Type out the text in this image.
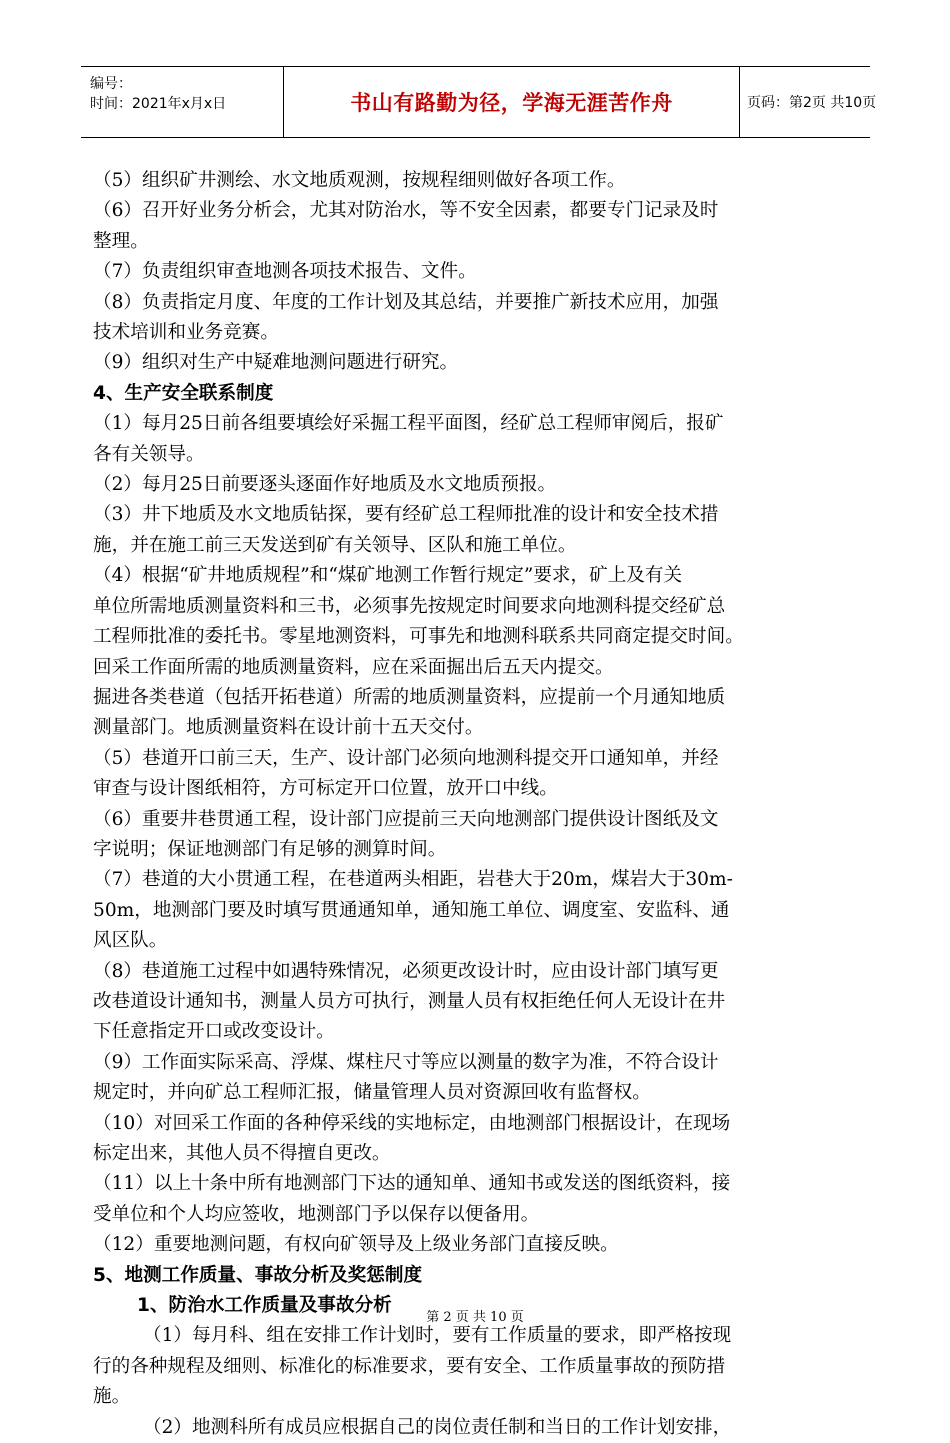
编号：
时间：2021年x月x日	书山有路勤为径，学海无涯苦作舟	页码：第2页 共10页
（5）组织矿井测绘、水文地质观测，按规程细则做好各项工作。
（6）召开好业务分析会，尤其对防治水，等不安全因素，都要专门记录及时
整理。
（7）负责组织审查地测各项技术报告、文件。
（8）负责指定月度、年度的工作计划及其总结，并要推广新技术应用，加强
技术培训和业务竞赛。
（9）组织对生产中疑难地测问题进行研究。
4、生产安全联系制度
（1）每月25日前各组要填绘好采掘工程平面图，经矿总工程师审阅后，报矿
各有关领导。
（2）每月25日前要逐头逐面作好地质及水文地质预报。
（3）井下地质及水文地质钻探，要有经矿总工程师批准的设计和安全技术措
施，并在施工前三天发送到矿有关领导、区队和施工单位。
（4）根据“矿井地质规程”和“煤矿地测工作暂行规定”要求，矿上及有关
单位所需地质测量资料和三书，必须事先按规定时间要求向地测科提交经矿总
工程师批准的委托书。零星地测资料，可事先和地测科联系共同商定提交时间。
回采工作面所需的地质测量资料，应在采面掘出后五天内提交。
掘进各类巷道（包括开拓巷道）所需的地质测量资料，应提前一个月通知地质
测量部门。地质测量资料在设计前十五天交付。
（5）巷道开口前三天，生产、设计部门必须向地测科提交开口通知单，并经
审查与设计图纸相符，方可标定开口位置，放开口中线。
（6）重要井巷贯通工程，设计部门应提前三天向地测部门提供设计图纸及文
字说明；保证地测部门有足够的测算时间。
（7）巷道的大小贯通工程，在巷道两头相距，岩巷大于20m，煤岩大于30m-
50m，地测部门要及时填写贯通通知单，通知施工单位、调度室、安监科、通
风区队。
（8）巷道施工过程中如遇特殊情况，必须更改设计时，应由设计部门填写更
改巷道设计通知书，测量人员方可执行，测量人员有权拒绝任何人无设计在井
下任意指定开口或改变设计。
（9）工作面实际采高、浮煤、煤柱尺寸等应以测量的数字为准，不符合设计
规定时，并向矿总工程师汇报，储量管理人员对资源回收有监督权。
（10）对回采工作面的各种停采线的实地标定，由地测部门根据设计，在现场
标定出来，其他人员不得擅自更改。
（11）以上十条中所有地测部门下达的通知单、通知书或发送的图纸资料，接
受单位和个人均应签收，地测部门予以保存以便备用。
（12）重要地测问题，有权向矿领导及上级业务部门直接反映。
5、地测工作质量、事故分析及奖惩制度
1、防治水工作质量及事故分析
（1）每月科、组在安排工作计划时，要有工作质量的要求，即严格按现
行的各种规程及细则、标准化的标准要求，要有安全、工作质量事故的预防措
施。
（2）地测科所有成员应根据自己的岗位责任制和当日的工作计划安排，
第 2 页 共 10 页
